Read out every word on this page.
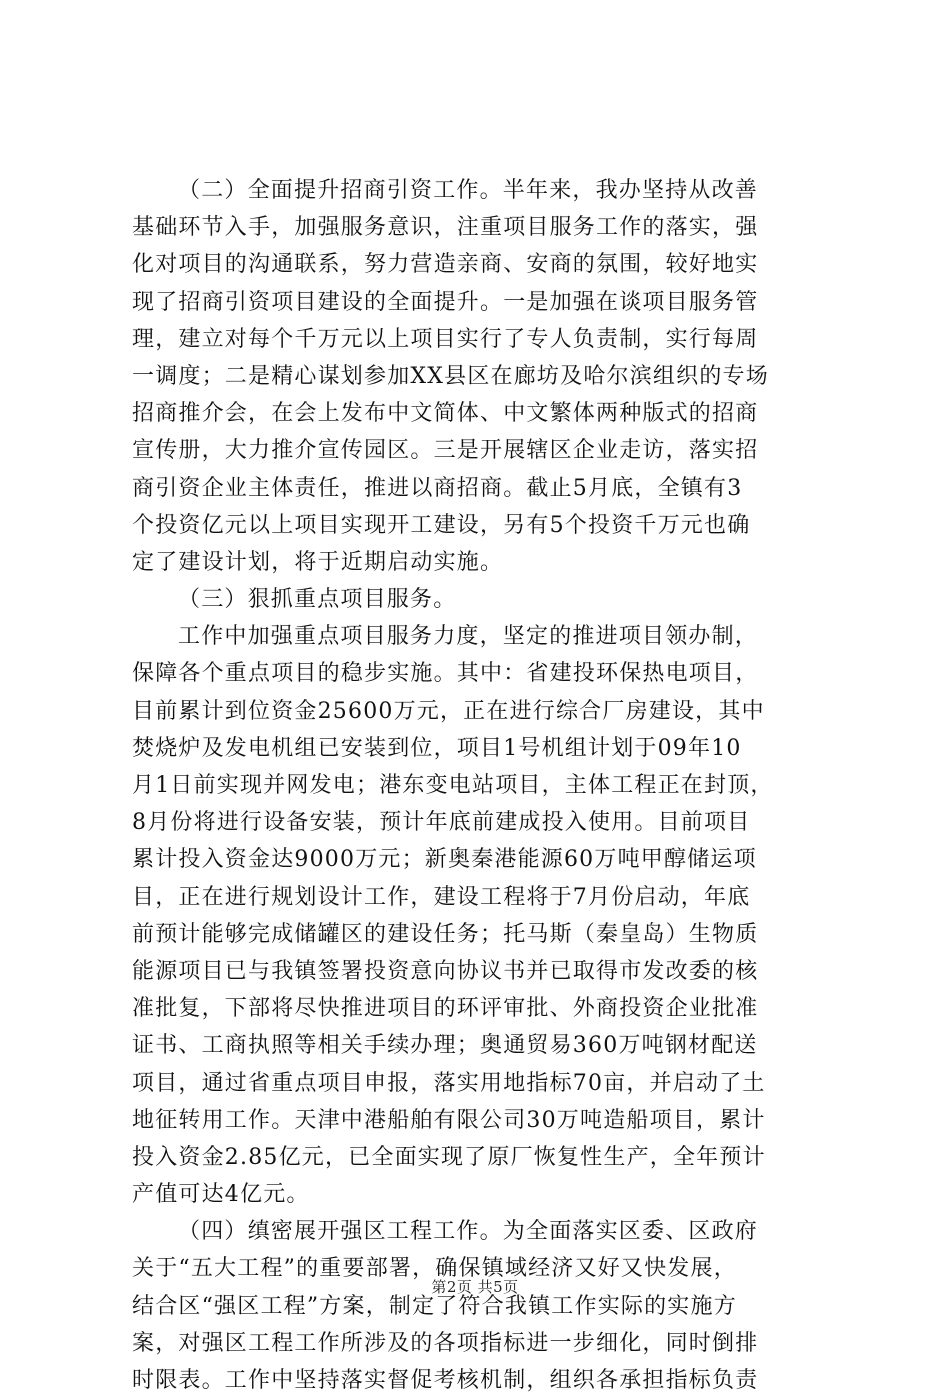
（二）全面提升招商引资工作。半年来，我办坚持从改善
基础环节入手，加强服务意识，注重项目服务工作的落实，强
化对项目的沟通联系，努力营造亲商、安商的氛围，较好地实
现了招商引资项目建设的全面提升。一是加强在谈项目服务管
理，建立对每个千万元以上项目实行了专人负责制，实行每周
一调度；二是精心谋划参加XX县区在廊坊及哈尔滨组织的专场
招商推介会，在会上发布中文简体、中文繁体两种版式的招商
宣传册，大力推介宣传园区。三是开展辖区企业走访，落实招
商引资企业主体责任，推进以商招商。截止5月底，全镇有3
个投资亿元以上项目实现开工建设，另有5个投资千万元也确
定了建设计划，将于近期启动实施。
（三）狠抓重点项目服务。
工作中加强重点项目服务力度，坚定的推进项目领办制，
保障各个重点项目的稳步实施。其中：省建投环保热电项目，
目前累计到位资金25600万元，正在进行综合厂房建设，其中
焚烧炉及发电机组已安装到位，项目1号机组计划于09年10
月1日前实现并网发电；港东变电站项目，主体工程正在封顶，
8月份将进行设备安装，预计年底前建成投入使用。目前项目
累计投入资金达9000万元；新奥秦港能源60万吨甲醇储运项
目，正在进行规划设计工作，建设工程将于7月份启动，年底
前预计能够完成储罐区的建设任务；托马斯（秦皇岛）生物质
能源项目已与我镇签署投资意向协议书并已取得市发改委的核
准批复，下部将尽快推进项目的环评审批、外商投资企业批准
证书、工商执照等相关手续办理；奥通贸易360万吨钢材配送
项目，通过省重点项目申报，落实用地指标70亩，并启动了土
地征转用工作。天津中港船舶有限公司30万吨造船项目，累计
投入资金2.85亿元，已全面实现了原厂恢复性生产，全年预计
产值可达4亿元。
（四）缜密展开强区工程工作。为全面落实区委、区政府
关于“五大工程”的重要部署，确保镇域经济又好又快发展，
结合区“强区工程”方案，制定了符合我镇工作实际的实施方
案，对强区工程工作所涉及的各项指标进一步细化，同时倒排
时限表。工作中坚持落实督促考核机制，组织各承担指标负责
第2页 共5页
